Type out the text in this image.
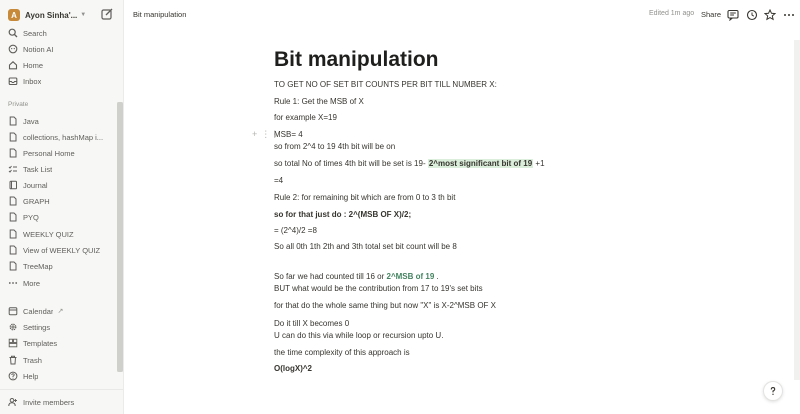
A	Ayon Sinha'... ▼
Search
Notion AI
Home
Inbox
Private
Java
collections, hashMap i...
Personal Home
Task List
Journal
GRAPH
PYQ
WEEKLY QUIZ
View of WEEKLY QUIZ
TreeMap
More
Calendar ↗
Settings
Templates
Trash
Help
Invite members
Bit manipulation	Edited 1m ago Share
+ ⋮⋮
Bit manipulation
TO GET NO OF SET BIT COUNTS PER BIT TILL NUMBER X:
Rule 1: Get the MSB of X
for example X=19
MSB= 4
so from 2^4 to 19 4th bit will be on
so total No of times 4th bit will be set is 19- 2^most significant bit of 19 +1
=4
Rule 2: for remaining bit which are from 0 to 3 th bit
so for that just do : 2^(MSB OF X)/2;
= (2^4)/2 =8
So all 0th 1th 2th and 3th total set bit count will be 8
So far we had counted till 16 or 2^MSB of 19 .
BUT what would be the contribution from 17 to 19's set bits
for that do the whole same thing but now "X" is X-2^MSB OF X
Do it till X becomes 0
U can do this via while loop or recursion upto U.
the time complexity of this approach is
O(logX)^2
